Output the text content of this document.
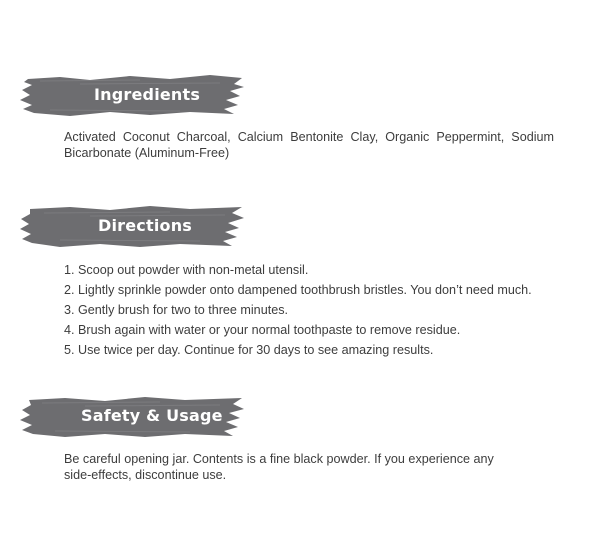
Ingredients
Activated Coconut Charcoal, Calcium Bentonite Clay, Organic Peppermint, Sodium Bicarbonate (Aluminum-Free)
Directions
1. Scoop out powder with non-metal utensil.
2. Lightly sprinkle powder onto dampened toothbrush bristles. You don’t need much.
3. Gently brush for two to three minutes.
4. Brush again with water or your normal toothpaste to remove residue.
5. Use twice per day. Continue for 30 days to see amazing results.
Safety & Usage
Be careful opening jar. Contents is a fine black powder. If you experience any side-effects, discontinue use.
